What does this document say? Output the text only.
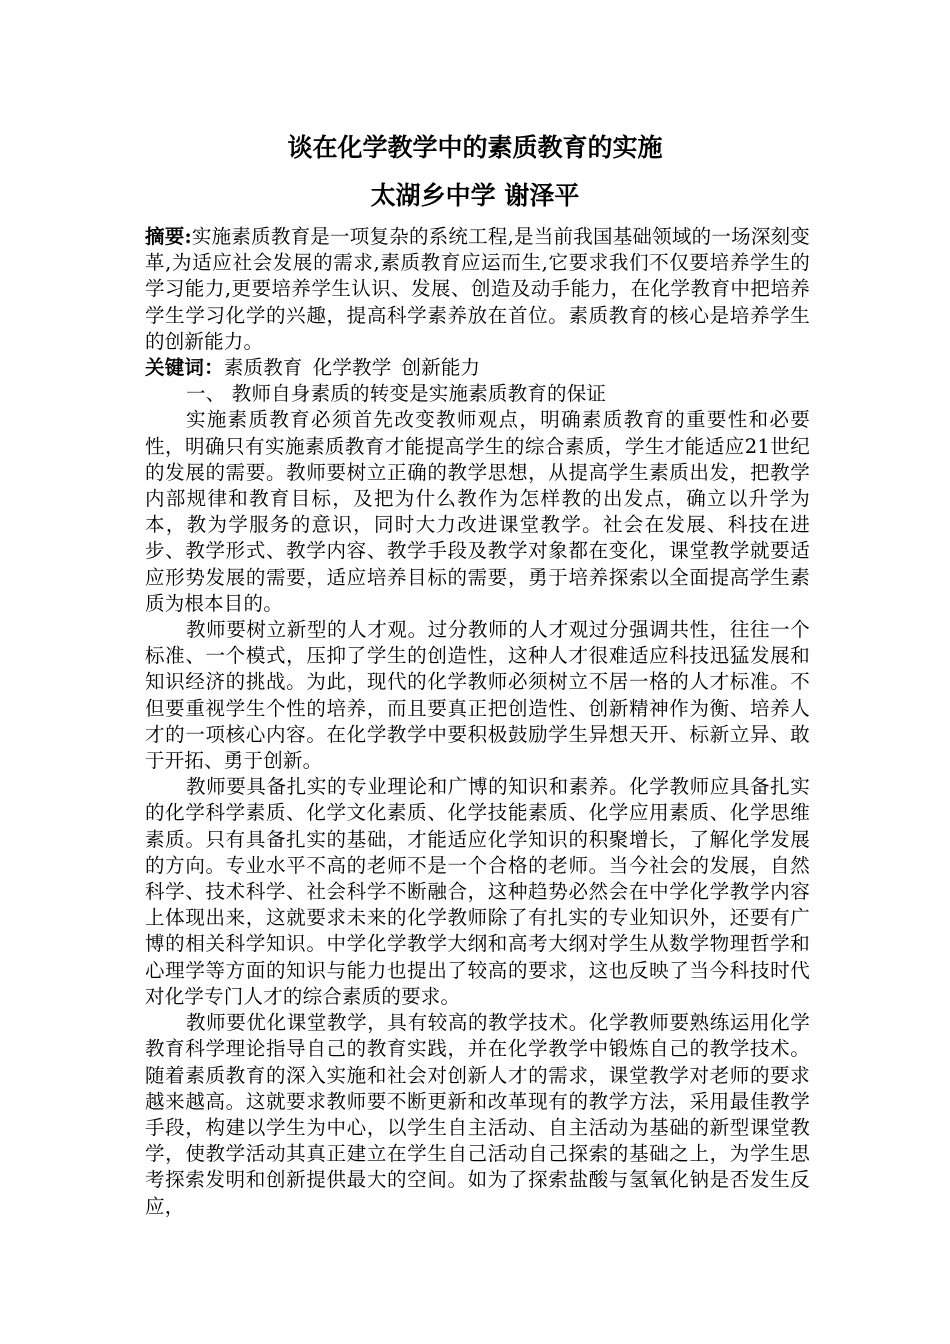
谈在化学教学中的素质教育的实施
太湖乡中学 谢泽平

摘要:实施素质教育是一项复杂的系统工程,是当前我国基础领域的一场深刻变革,为适应社会发展的需求,素质教育应运而生,它要求我们不仅要培养学生的学习能力,更要培养学生认识、发展、创造及动手能力，在化学教育中把培养学生学习化学的兴趣，提高科学素养放在首位。素质教育的核心是培养学生的创新能力。

关键词：素质教育 化学教学 创新能力

一、 教师自身素质的转变是实施素质教育的保证

实施素质教育必须首先改变教师观点，明确素质教育的重要性和必要性，明确只有实施素质教育才能提高学生的综合素质，学生才能适应21世纪的发展的需要。教师要树立正确的教学思想，从提高学生素质出发，把教学内部规律和教育目标，及把为什么教作为怎样教的出发点，确立以升学为本，教为学服务的意识，同时大力改进课堂教学。社会在发展、科技在进步、教学形式、教学内容、教学手段及教学对象都在变化，课堂教学就要适应形势发展的需要，适应培养目标的需要，勇于培养探索以全面提高学生素质为根本目的。

教师要树立新型的人才观。过分教师的人才观过分强调共性，往往一个标准、一个模式，压抑了学生的创造性，这种人才很难适应科技迅猛发展和知识经济的挑战。为此，现代的化学教师必须树立不居一格的人才标准。不但要重视学生个性的培养，而且要真正把创造性、创新精神作为衡、培养人才的一项核心内容。在化学教学中要积极鼓励学生异想天开、标新立异、敢于开拓、勇于创新。

教师要具备扎实的专业理论和广博的知识和素养。化学教师应具备扎实的化学科学素质、化学文化素质、化学技能素质、化学应用素质、化学思维素质。只有具备扎实的基础，才能适应化学知识的积聚增长，了解化学发展的方向。专业水平不高的老师不是一个合格的老师。当今社会的发展，自然科学、技术科学、社会科学不断融合，这种趋势必然会在中学化学教学内容上体现出来，这就要求未来的化学教师除了有扎实的专业知识外，还要有广博的相关科学知识。中学化学教学大纲和高考大纲对学生从数学物理哲学和心理学等方面的知识与能力也提出了较高的要求，这也反映了当今科技时代对化学专门人才的综合素质的要求。

教师要优化课堂教学，具有较高的教学技术。化学教师要熟练运用化学教育科学理论指导自己的教育实践，并在化学教学中锻炼自己的教学技术。随着素质教育的深入实施和社会对创新人才的需求，课堂教学对老师的要求越来越高。这就要求教师要不断更新和改革现有的教学方法，采用最佳教学手段，构建以学生为中心，以学生自主活动、自主活动为基础的新型课堂教学，使教学活动其真正建立在学生自己活动自己探索的基础之上，为学生思考探索发明和创新提供最大的空间。如为了探索盐酸与氢氧化钠是否发生反应，
